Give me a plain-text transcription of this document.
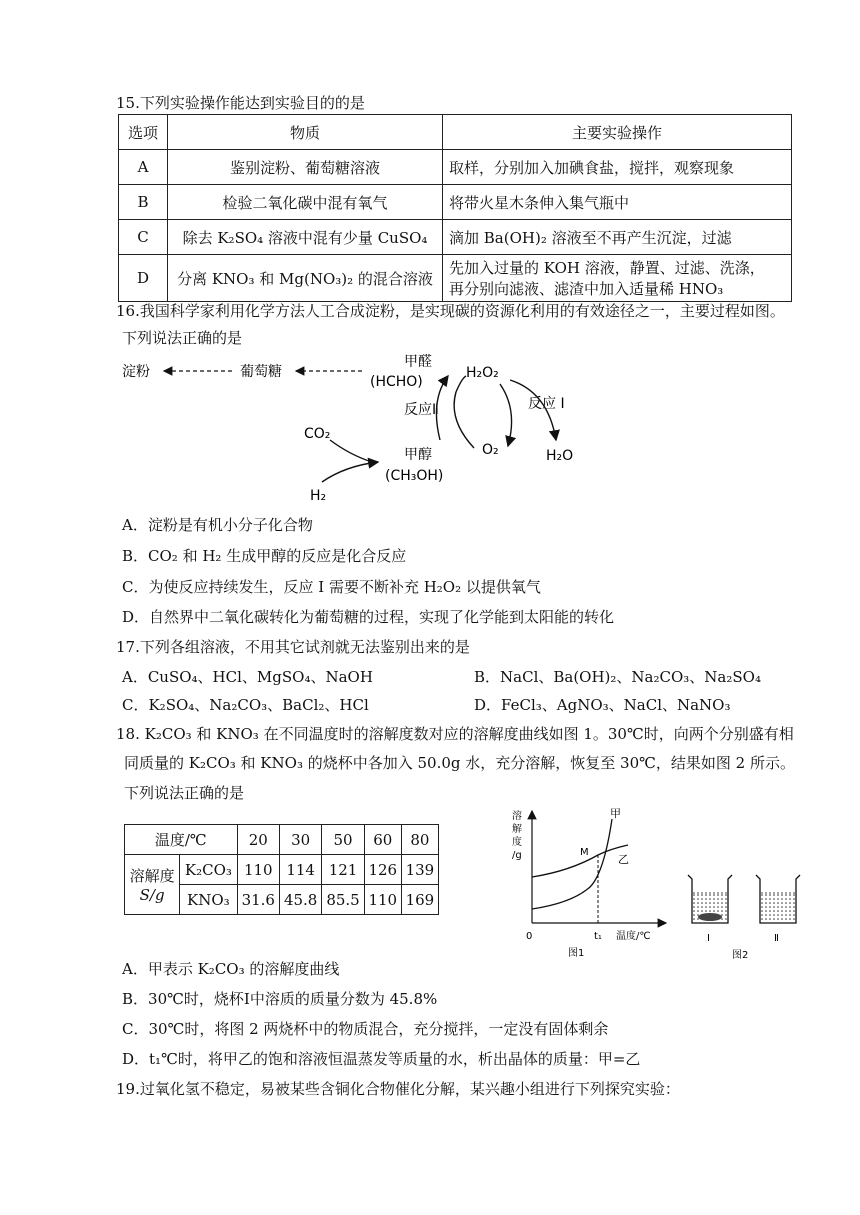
15.下列实验操作能达到实验目的的是
选项	物质	主要实验操作
A	鉴别淀粉、葡萄糖溶液	取样，分别加入加碘食盐，搅拌，观察现象
B	检验二氧化碳中混有氧气	将带火星木条伸入集气瓶中
C	除去 K₂SO₄ 溶液中混有少量 CuSO₄	滴加 Ba(OH)₂ 溶液至不再产生沉淀，过滤
D	分离 KNO₃ 和 Mg(NO₃)₂ 的混合溶液	先加入过量的 KOH 溶液，静置、过滤、洗涤，
再分别向滤液、滤渣中加入适量稀 HNO₃
16.我国科学家利用化学方法人工合成淀粉，是实现碳的资源化利用的有效途径之一，主要过程如图。
下列说法正确的是
淀粉	葡萄糖
甲醛
(HCHO)
H₂O₂
反应Ⅱ	反应 I
CO₂
甲醇
(CH₃OH)
O₂	H₂O
H₂
A．淀粉是有机小分子化合物
B．CO₂ 和 H₂ 生成甲醇的反应是化合反应
C．为使反应持续发生，反应 I 需要不断补充 H₂O₂ 以提供氧气
D．自然界中二氧化碳转化为葡萄糖的过程，实现了化学能到太阳能的转化
17.下列各组溶液，不用其它试剂就无法鉴别出来的是
A．CuSO₄、HCl、MgSO₄、NaOH	B．NaCl、Ba(OH)₂、Na₂CO₃、Na₂SO₄
C．K₂SO₄、Na₂CO₃、BaCl₂、HCl	D．FeCl₃、AgNO₃、NaCl、NaNO₃
18. K₂CO₃ 和 KNO₃ 在不同温度时的溶解度数对应的溶解度曲线如图 1。30℃时，向两个分别盛有相
同质量的 K₂CO₃ 和 KNO₃ 的烧杯中各加入 50.0g 水，充分溶解，恢复至 30℃，结果如图 2 所示。
下列说法正确的是
温度/℃		20	30	50	60	80

溶解度
S/g	K₂CO₃	110	114	121	126	139
	KNO₃	31.6	45.8	85.5	110	169
溶
解
度
/g
0
M
甲
乙
t₁ 温度/℃
图1
Ⅰ	Ⅱ
图2
A．甲表示 K₂CO₃ 的溶解度曲线
B．30℃时，烧杯Ⅰ中溶质的质量分数为 45.8%
C．30℃时，将图 2 两烧杯中的物质混合，充分搅拌，一定没有固体剩余
D．t₁℃时，将甲乙的饱和溶液恒温蒸发等质量的水，析出晶体的质量：甲=乙
19.过氧化氢不稳定，易被某些含铜化合物催化分解，某兴趣小组进行下列探究实验：
